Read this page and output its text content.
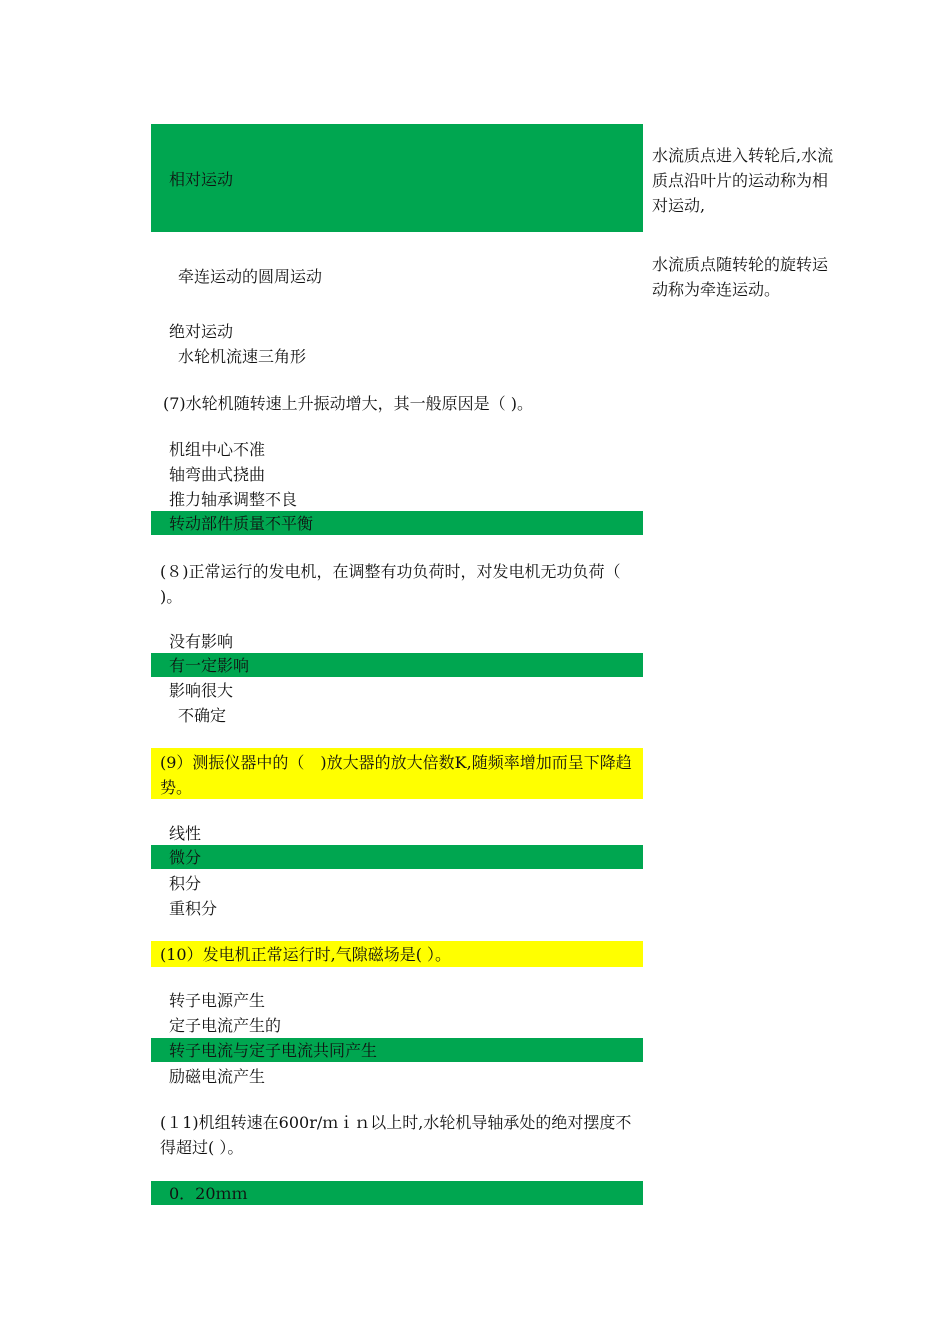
相对运动
牵连运动的圆周运动
绝对运动
水轮机流速三角形
水流质点进入转轮后,水流质点沿叶片的运动称为相对运动,
水流质点随转轮的旋转运动称为牵连运动。
(7)水轮机随转速上升振动增大，其一般原因是（ )。
机组中心不准
轴弯曲式挠曲
推力轴承调整不良
转动部件质量不平衡
(８)正常运行的发电机，在调整有功负荷时，对发电机无功负荷（　 )。
没有影响
有一定影响
影响很大
不确定
(9）测振仪器中的（　)放大器的放大倍数K,随频率增加而呈下降趋势。
线性
微分
积分
重积分
(10）发电机正常运行时,气隙磁场是( ）。
转子电源产生
定子电流产生的
转子电流与定子电流共同产生
励磁电流产生
(１1)机组转速在600r/ｍｉｎ以上时,水轮机导轴承处的绝对摆度不得超过( ）。
0．20ｍｍ
